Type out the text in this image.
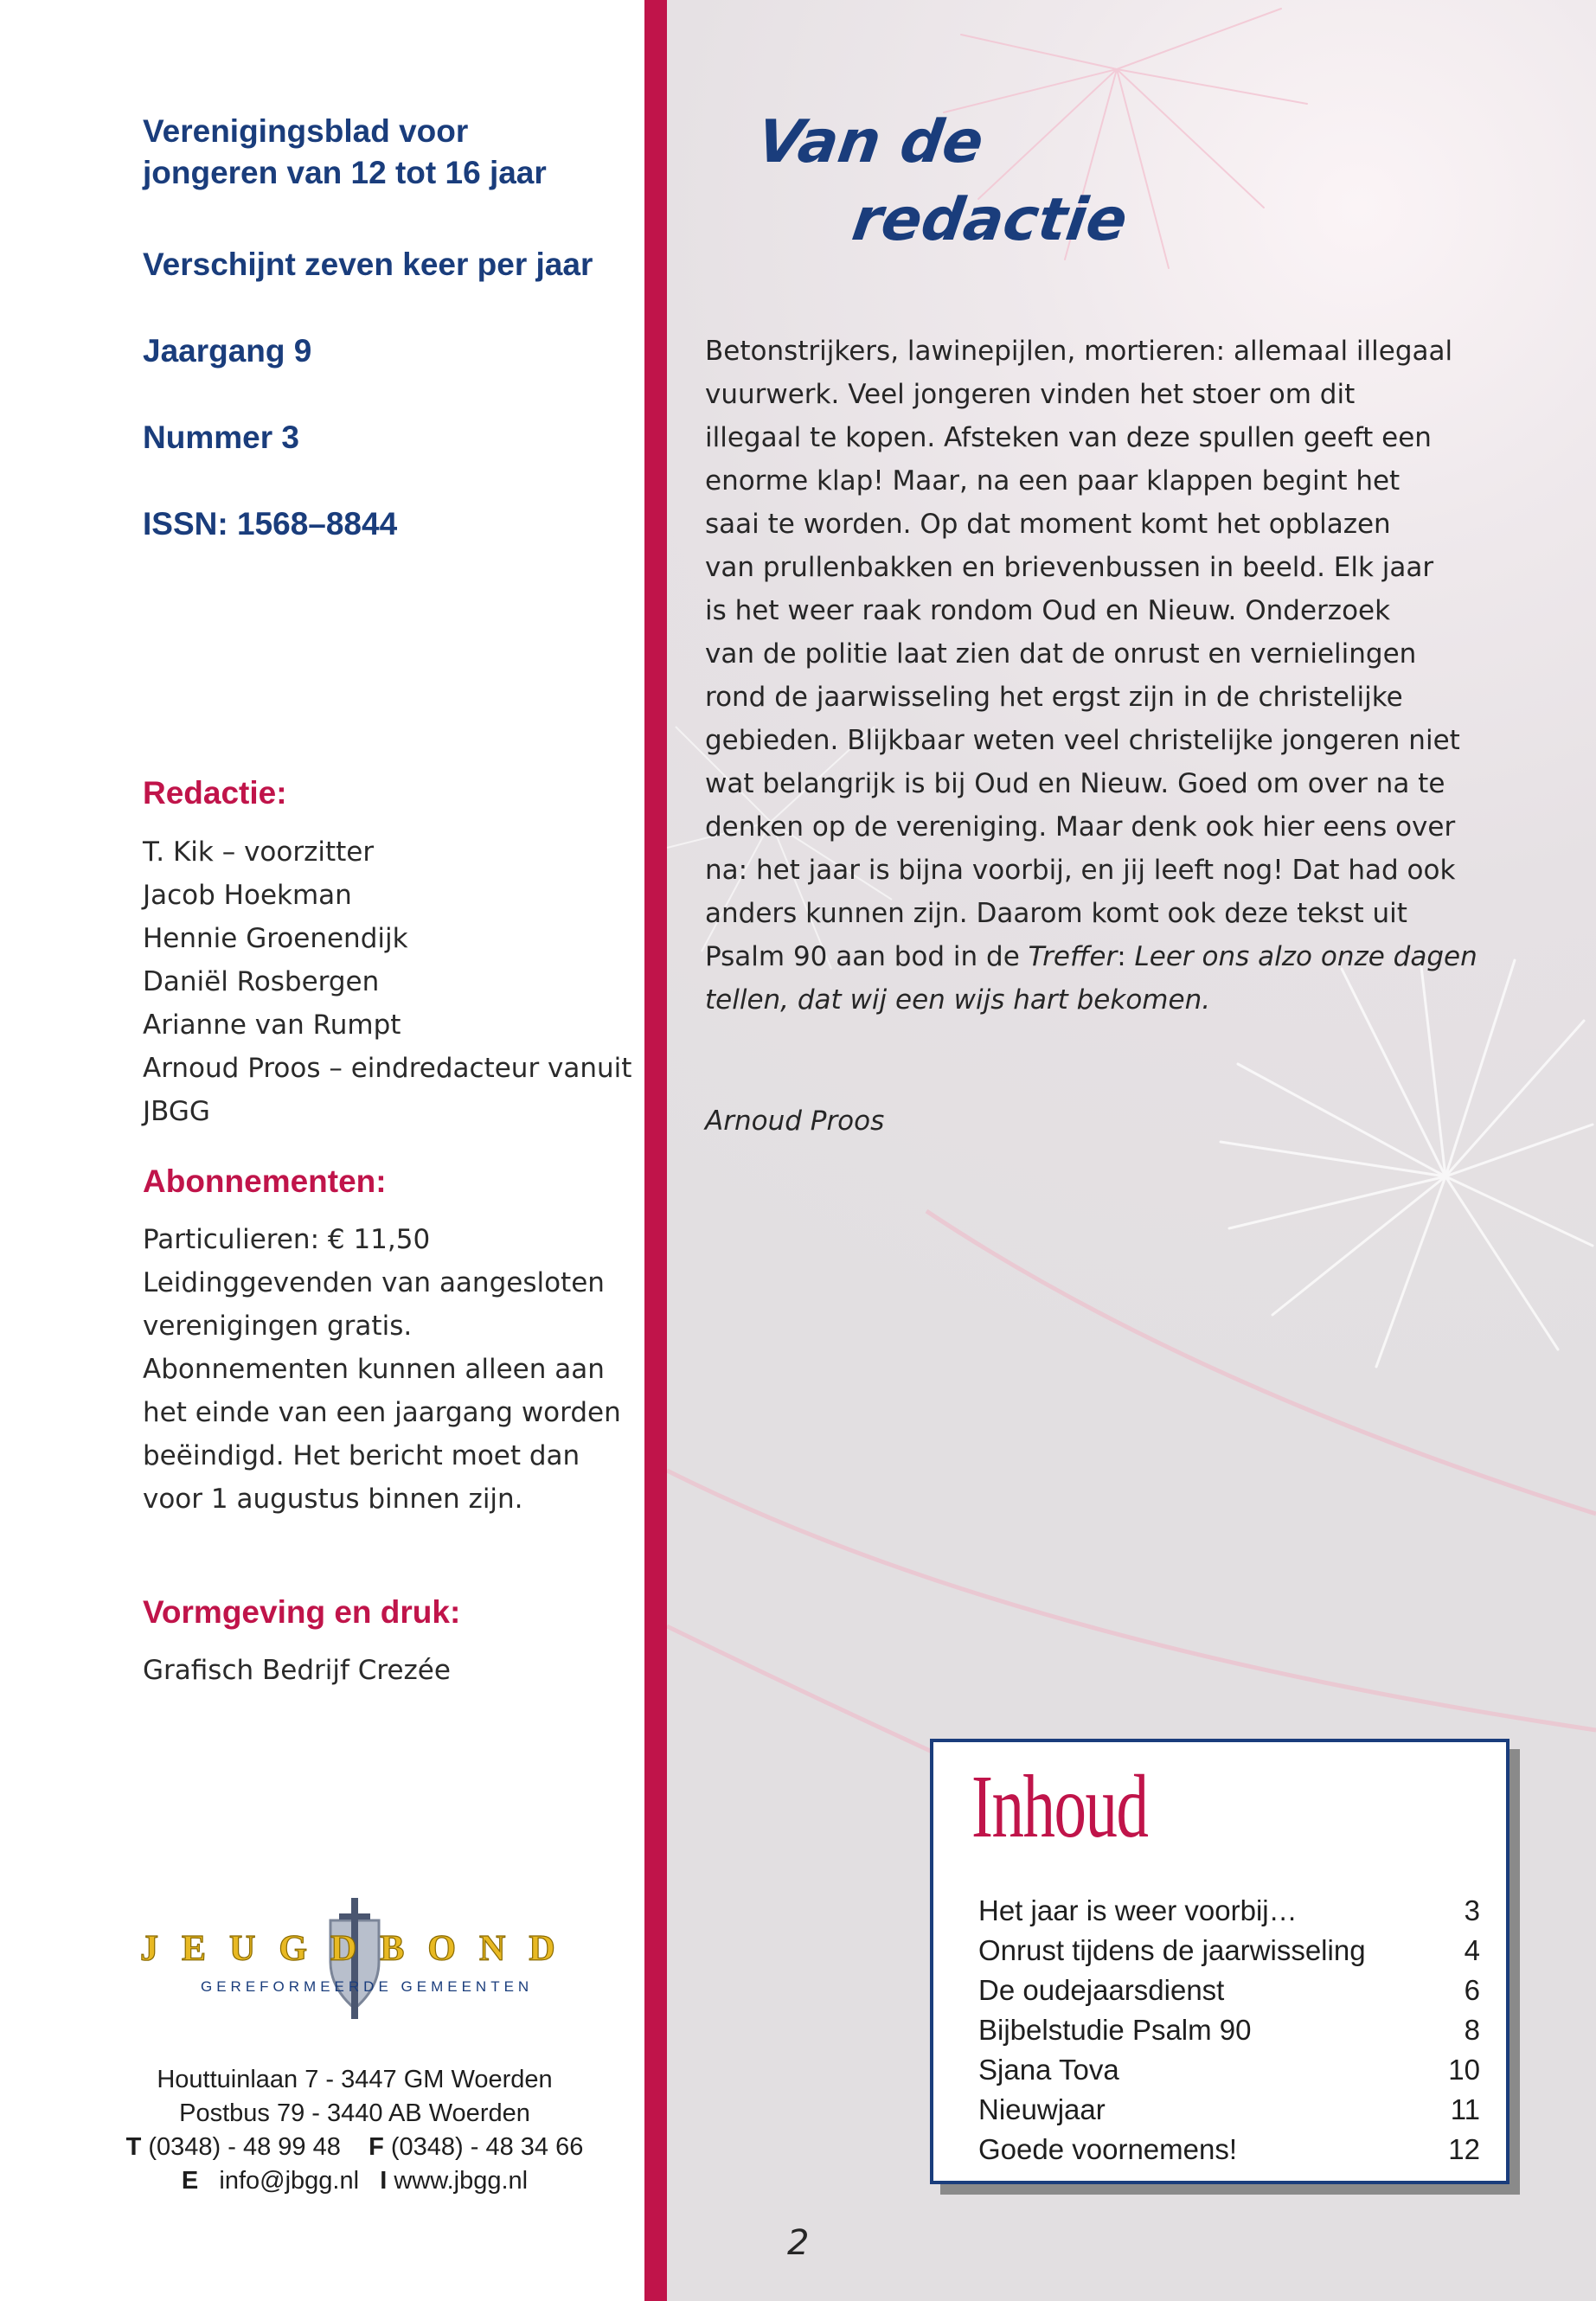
Verenigingsblad voor
jongeren van 12 tot 16 jaar
Verschijnt zeven keer per jaar
Jaargang 9
Nummer 3
ISSN: 1568–8844
Redactie:
T. Kik – voorzitter
Jacob Hoekman
Hennie Groenendijk
Daniël Rosbergen
Arianne van Rumpt
Arnoud Proos – eindredacteur vanuit
JBGG
Abonnementen:
Particulieren: € 11,50
Leidinggevenden van aangesloten
verenigingen gratis.
Abonnementen kunnen alleen aan
het einde van een jaargang worden
beëindigd. Het bericht moet dan
voor 1 augustus binnen zijn.
Vormgeving en druk:
Grafisch Bedrijf Crezée
JEUGDBOND
GEREFORMEERDE GEMEENTEN
Houttuinlaan 7 - 3447 GM Woerden
Postbus 79 - 3440 AB Woerden
T (0348) - 48 99 48 F (0348) - 48 34 66
E info@jbgg.nl I www.jbgg.nl
Van de
redactie
Betonstrijkers, lawinepijlen, mortieren: allemaal illegaal
vuurwerk. Veel jongeren vinden het stoer om dit
illegaal te kopen. Afsteken van deze spullen geeft een
enorme klap! Maar, na een paar klappen begint het
saai te worden. Op dat moment komt het opblazen
van prullenbakken en brievenbussen in beeld. Elk jaar
is het weer raak rondom Oud en Nieuw. Onderzoek
van de politie laat zien dat de onrust en vernielingen
rond de jaarwisseling het ergst zijn in de christelijke
gebieden. Blijkbaar weten veel christelijke jongeren niet
wat belangrijk is bij Oud en Nieuw. Goed om over na te
denken op de vereniging. Maar denk ook hier eens over
na: het jaar is bijna voorbij, en jij leeft nog! Dat had ook
anders kunnen zijn. Daarom komt ook deze tekst uit
Psalm 90 aan bod in de Treffer: Leer ons alzo onze dagen
tellen, dat wij een wijs hart bekomen.
Arnoud Proos
Inhoud
Het jaar is weer voorbij…	3
Onrust tijdens de jaarwisseling	4
De oudejaarsdienst	6
Bijbelstudie Psalm 90	8
Sjana Tova	10
Nieuwjaar	11
Goede voornemens!	12
2
